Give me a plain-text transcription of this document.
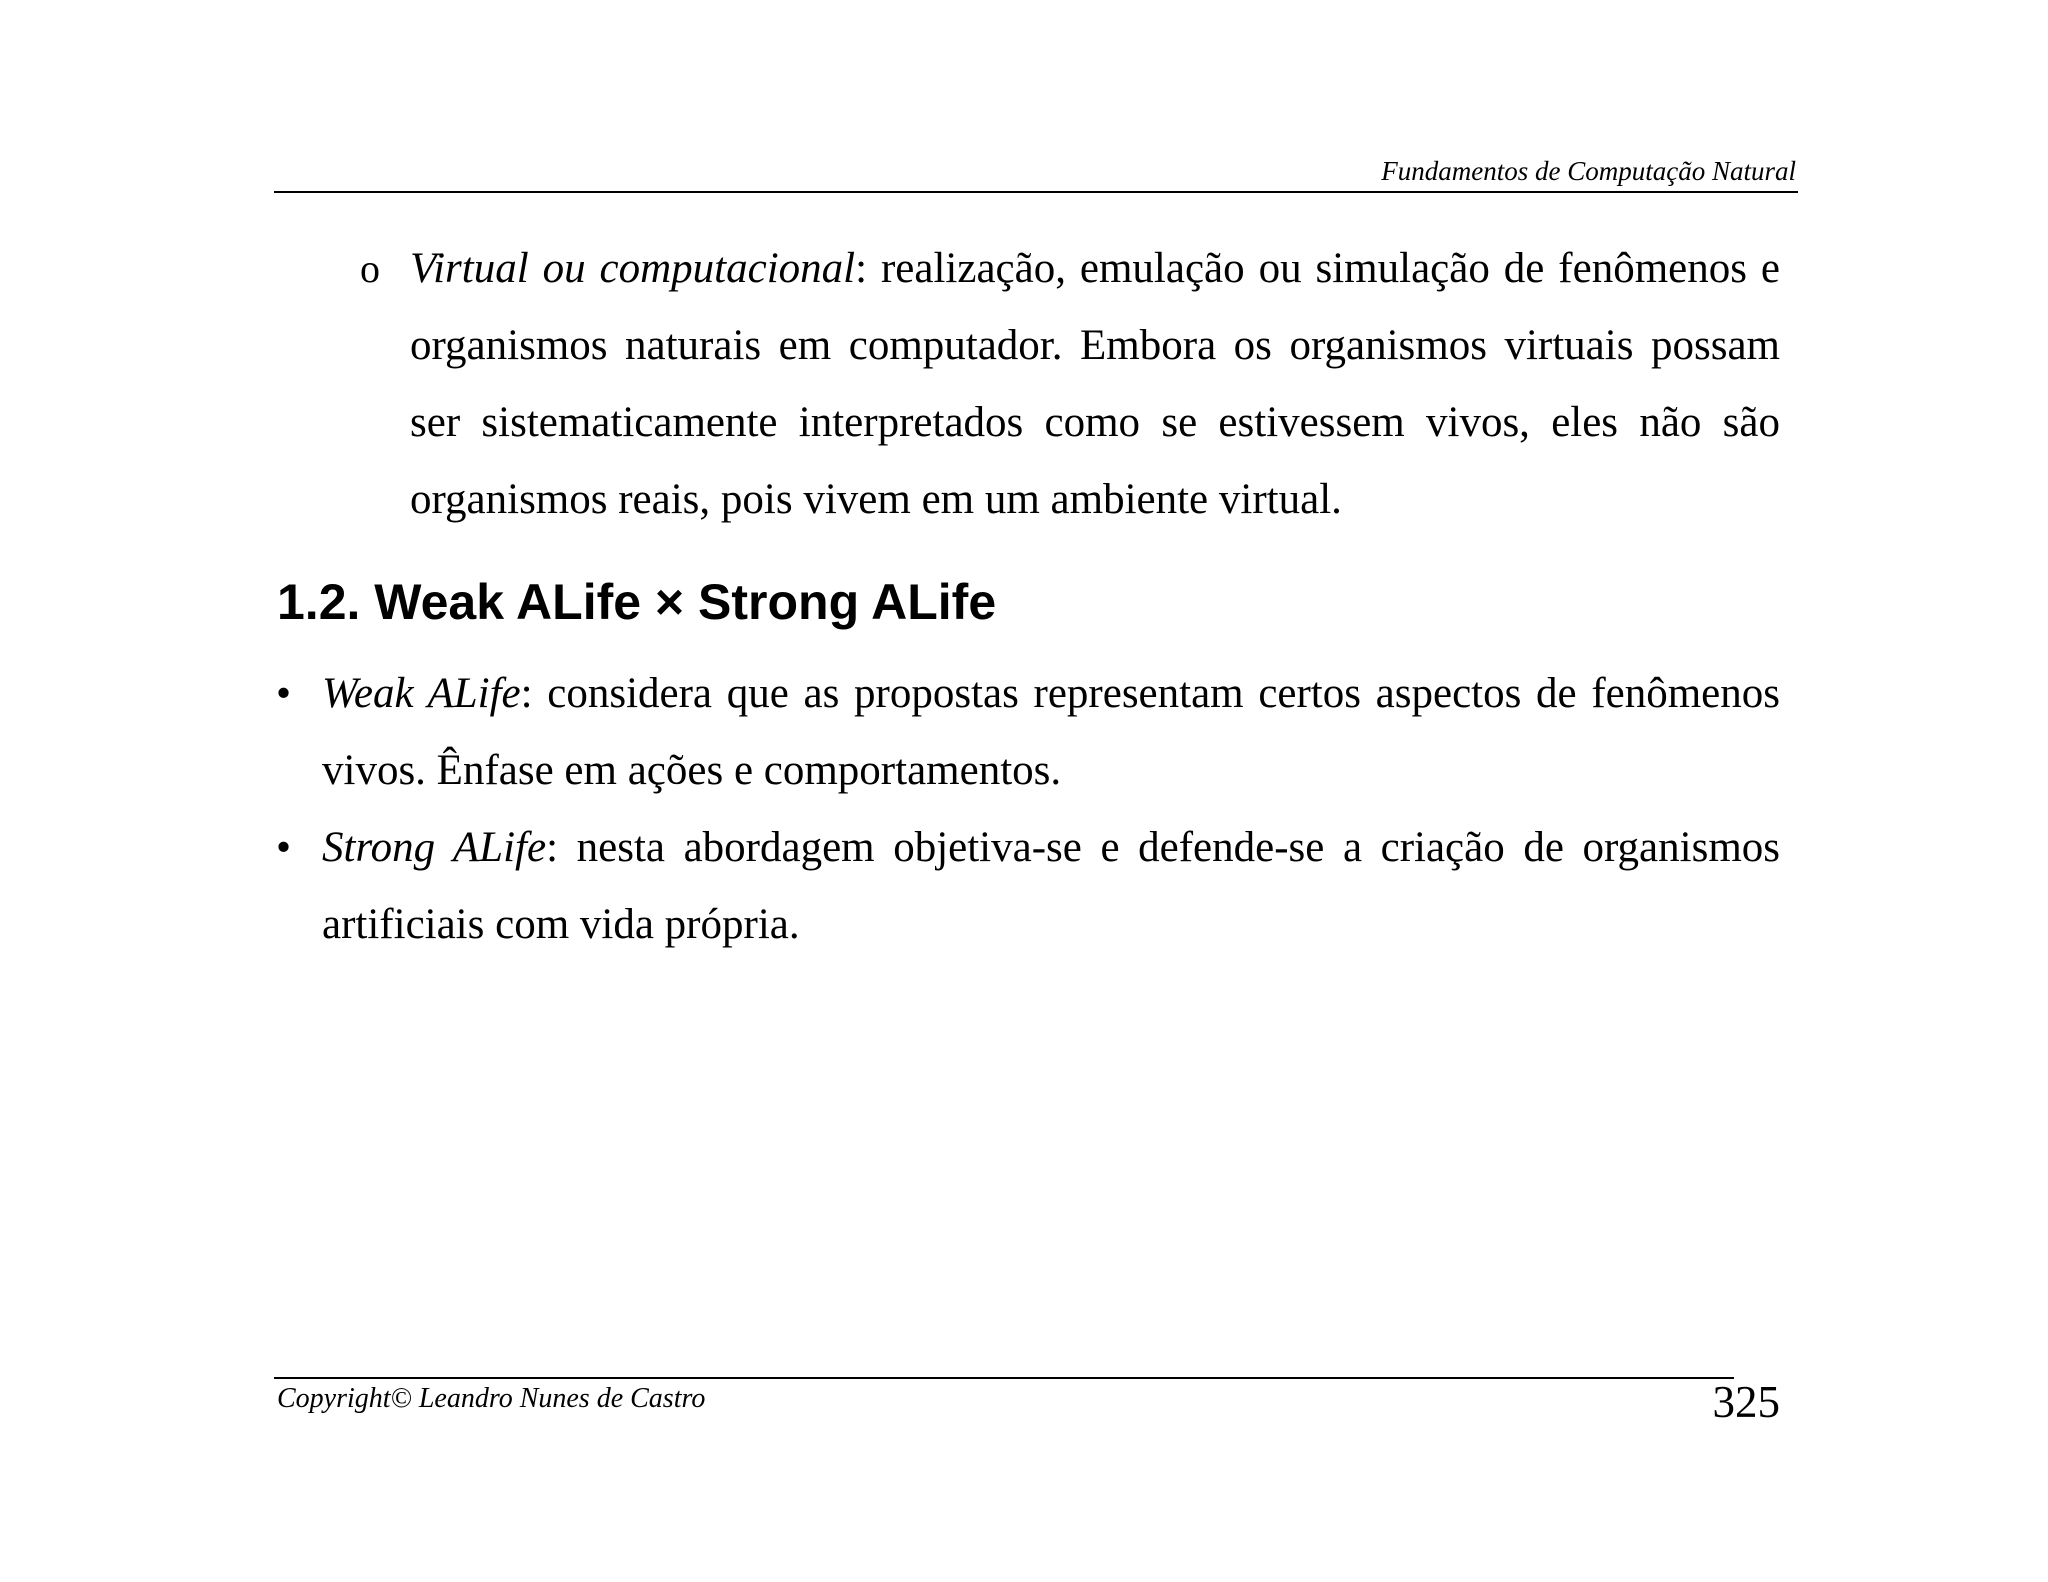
Fundamentos de Computação Natural
o Virtual ou computacional: realização, emulação ou simulação de fenômenos e organismos naturais em computador. Embora os organismos virtuais possam ser sistematicamente interpretados como se estivessem vivos, eles não são organismos reais, pois vivem em um ambiente virtual.
1.2. Weak ALife × Strong ALife
• Weak ALife: considera que as propostas representam certos aspectos de fenômenos vivos. Ênfase em ações e comportamentos.
• Strong ALife: nesta abordagem objetiva-se e defende-se a criação de organismos artificiais com vida própria.
Copyright© Leandro Nunes de Castro	325
